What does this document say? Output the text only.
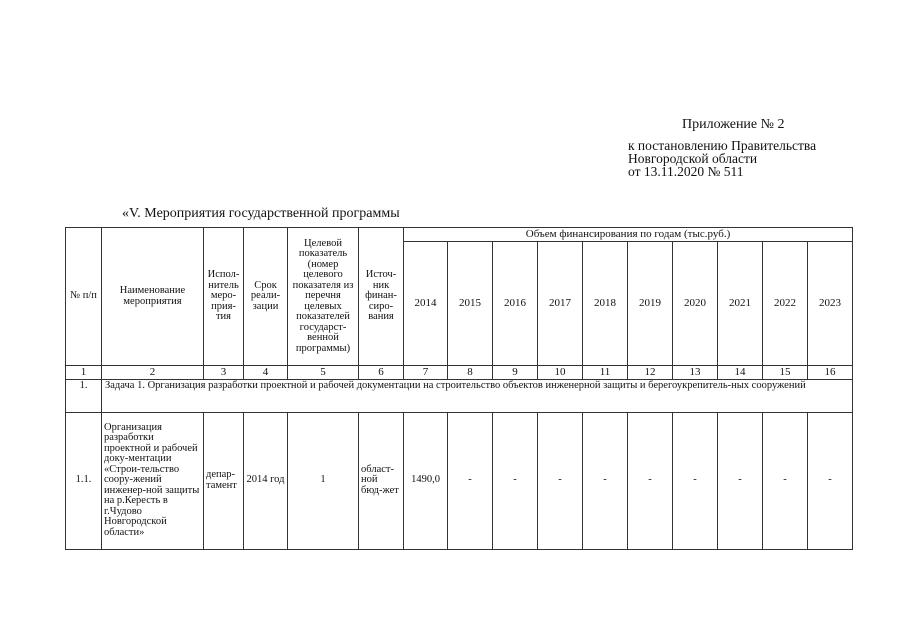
Приложение № 2
к постановлению Правительства
Новгородской области
от 13.11.2020 № 511
«V. Мероприятия государственной программы
№ п/п	Наименование мероприятия	Испол-нитель меро-прия-тия	Срок реали-зации	Целевой показатель (номер целевого показателя из перечня целевых показателей государст-венной программы)	Источ-ник финан-сиро-вания	Объем финансирования по годам (тыс.руб.)									
						2014	2015	2016	2017	2018	2019	2020	2021	2022	2023
1	2	3	4	5	6	7	8	9	10	11	12	13	14	15	16
1.	Задача 1. Организация разработки проектной и рабочей документации на строительство объектов инженерной защиты и берегоукрепитель-ных сооружений														
1.1.	Организация разработки проектной и рабочей доку-ментации «Строи-тельство соору-жений инженер-ной защиты на р.Кересть в г.Чудово Новгородской области»	депар-тамент	2014 год	1	област-ной бюд-жет	1490,0	-	-	-	-	-	-	-	-	-
